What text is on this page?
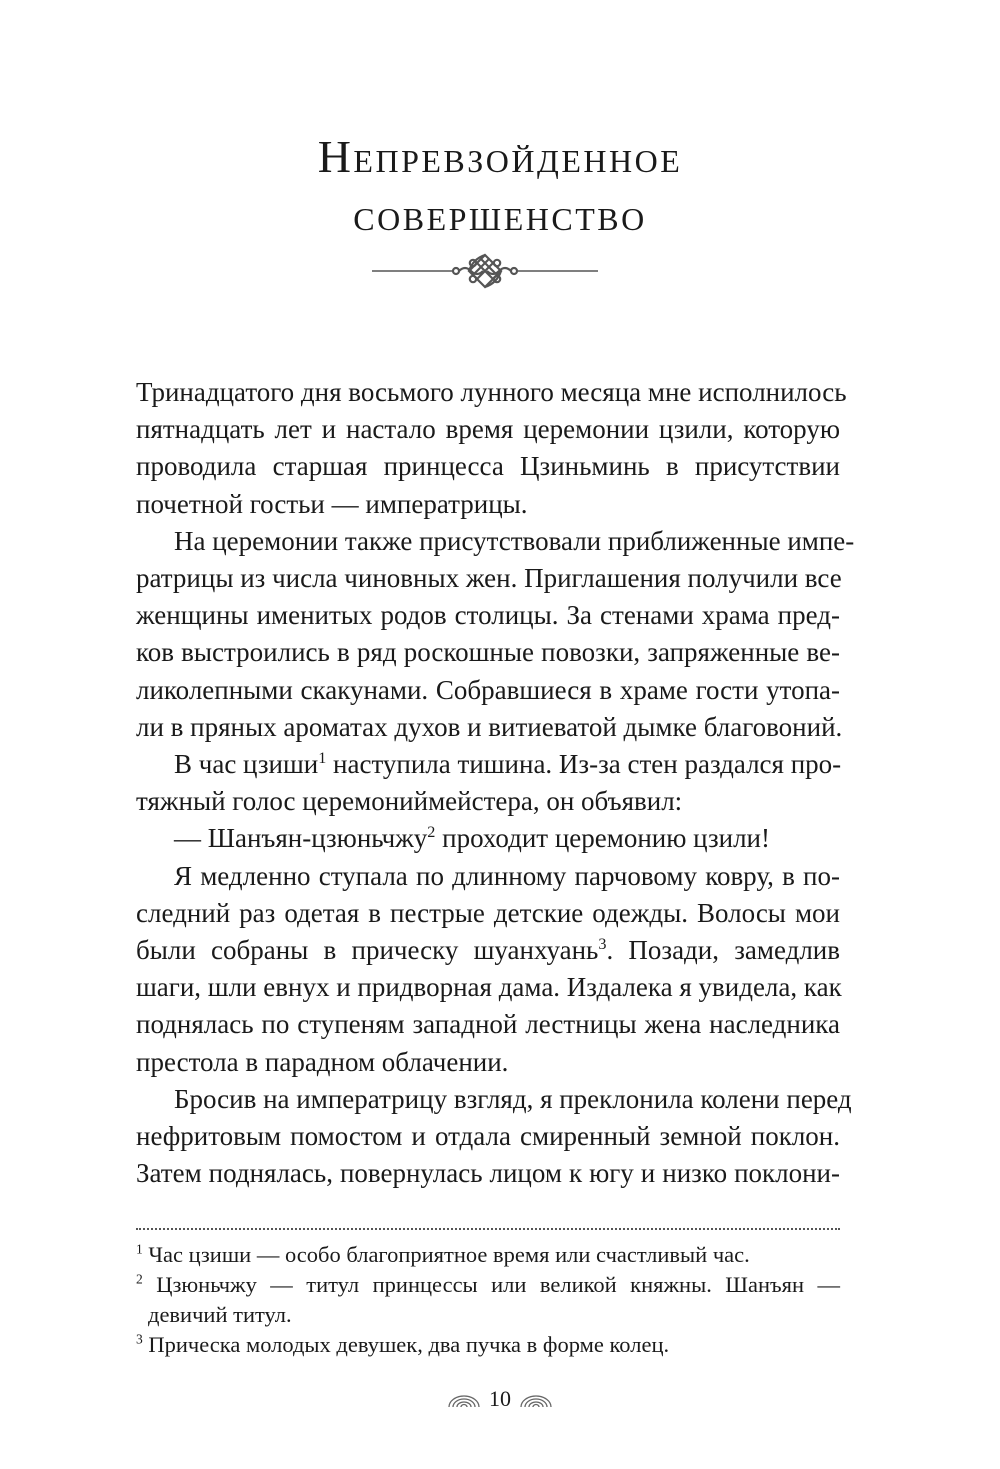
Непревзойденное
совершенство

Тринадцатого дня восьмого лунного месяца мне исполнилось

пятнадцать лет и настало время церемонии цзили, которую

проводила старшая принцесса Цзиньминь в присутствии

почетной гостьи — императрицы.

На церемонии также присутствовали приближенные импе-

ратрицы из числа чиновных жен. Приглашения получили все

женщины именитых родов столицы. За стенами храма пред-

ков выстроились в ряд роскошные повозки, запряженные ве-

ликолепными скакунами. Собравшиеся в храме гости утопа-

ли в пряных ароматах духов и витиеватой дымке благовоний.

В час цзиши$^1$ наступила тишина. Из-за стен раздался про-

тяжный голос церемониймейстера, он объявил:

— Шанъян-цзюньчжу$^2$ проходит церемонию цзили!

Я медленно ступала по длинному парчовому ковру, в по-

следний раз одетая в пестрые детские одежды. Волосы мои

были собраны в прическу шуанхуань$^3$. Позади, замедлив

шаги, шли евнух и придворная дама. Издалека я увидела, как

поднялась по ступеням западной лестницы жена наследника

престола в парадном облачении.

Бросив на императрицу взгляд, я преклонила колени перед

нефритовым помостом и отдала смиренный земной поклон.

Затем поднялась, повернулась лицом к югу и низко поклони-

$^1$ Час цзиши — особо благоприятное время или счастливый час.
$^2$ Цзюньчжу — титул принцессы или великой княжны. Шанъян —
девичий титул.
$^3$ Прическа молодых девушек, два пучка в форме колец.
10
